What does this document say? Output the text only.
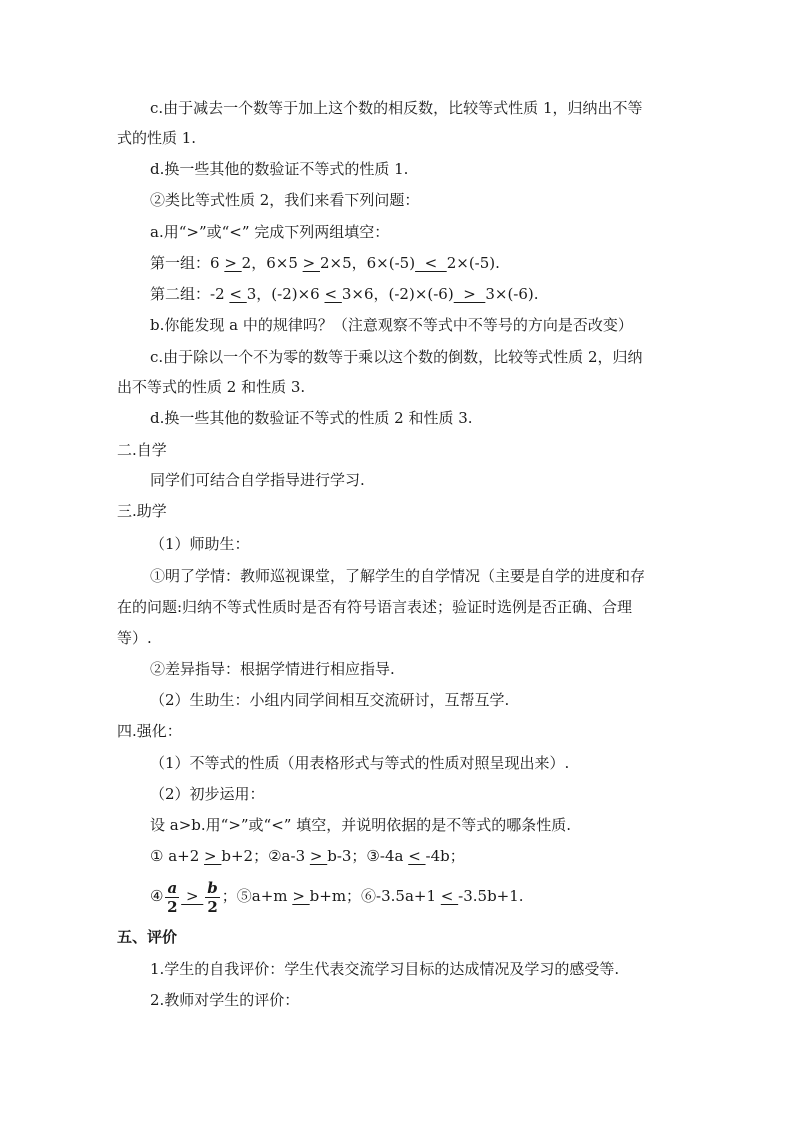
c.由于减去一个数等于加上这个数的相反数，比较等式性质 1，归纳出不等
式的性质 1.
d.换一些其他的数验证不等式的性质 1.
②类比等式性质 2，我们来看下列问题：
a.用“>”或“<” 完成下列两组填空：
第一组：6 > 2，6×5 > 2×5，6×(-5)  <  2×(-5).
第二组：-2 < 3，(-2)×6 < 3×6，(-2)×(-6)  >  3×(-6).
b.你能发现 a 中的规律吗？（注意观察不等式中不等号的方向是否改变）
c.由于除以一个不为零的数等于乘以这个数的倒数，比较等式性质 2，归纳
出不等式的性质 2 和性质 3.
d.换一些其他的数验证不等式的性质 2 和性质 3.
二.自学
同学们可结合自学指导进行学习.
三.助学
（1）师助生：
①明了学情：教师巡视课堂，了解学生的自学情况（主要是自学的进度和存
在的问题:归纳不等式性质时是否有符号语言表述；验证时选例是否正确、合理
等）.
②差异指导：根据学情进行相应指导.
（2）生助生：小组内同学间相互交流研讨，互帮互学.
四.强化：
（1）不等式的性质（用表格形式与等式的性质对照呈现出来）.
（2）初步运用：
设 a>b.用“>”或“<” 填空，并说明依据的是不等式的哪条性质.
① a+2 > b+2；②a-3 > b-3；③-4a < -4b；
④ $\frac{a}{2} > \frac{b}{2}$ ；⑤a+m > b+m；⑥-3.5a+1 < -3.5b+1.
五、评价
1.学生的自我评价：学生代表交流学习目标的达成情况及学习的感受等.
2.教师对学生的评价：
